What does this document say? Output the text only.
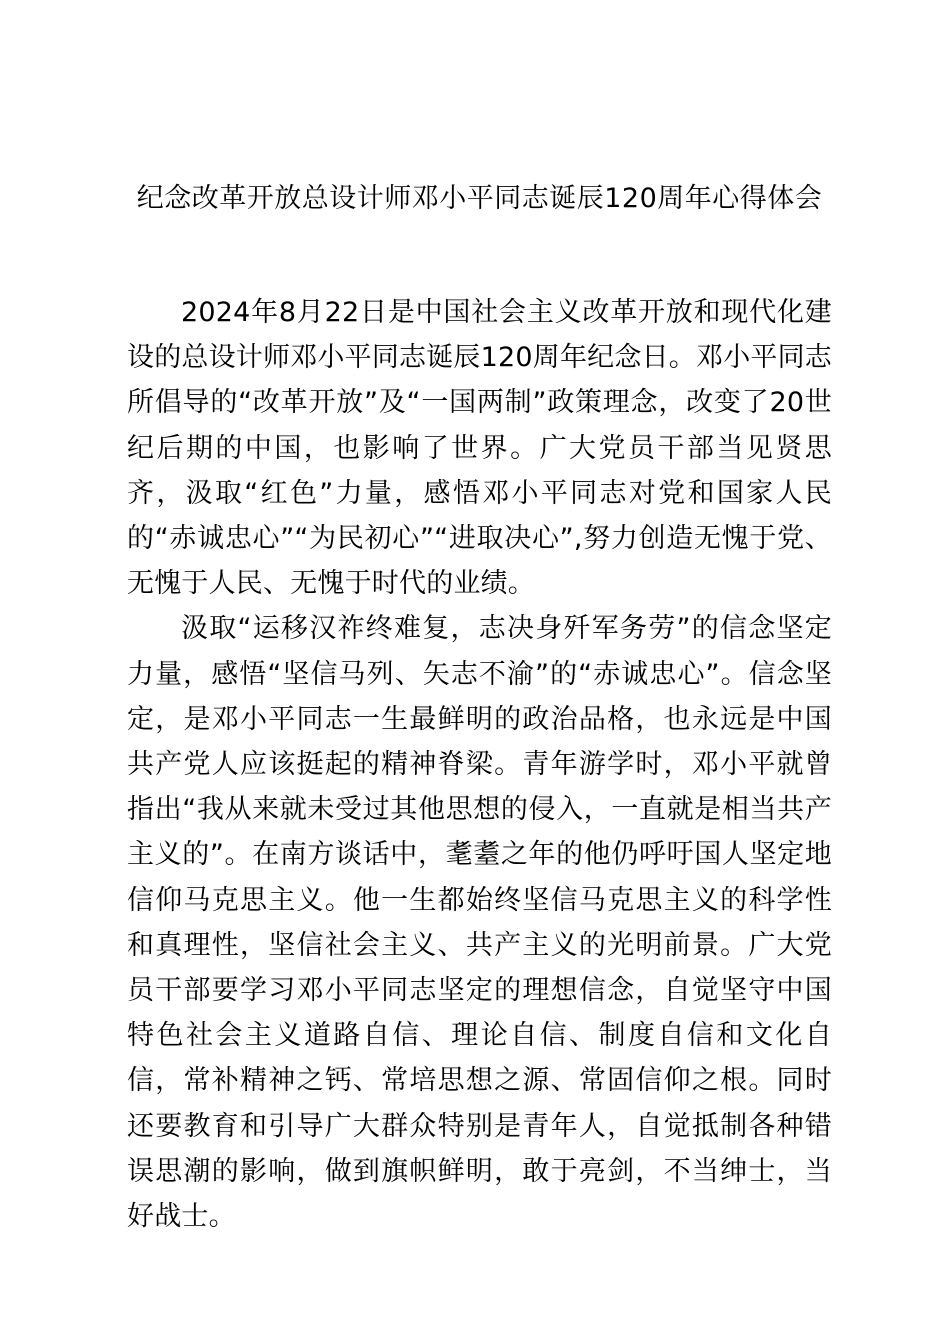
纪念改革开放总设计师邓小平同志诞辰120周年心得体会

2024年8月22日是中国社会主义改革开放和现代化建设的总设计师邓小平同志诞辰120周年纪念日。邓小平同志所倡导的“改革开放”及“一国两制”政策理念，改变了20世纪后期的中国，也影响了世界。广大党员干部当见贤思齐，汲取“红色”力量，感悟邓小平同志对党和国家人民的“赤诚忠心”“为民初心”“进取决心”,努力创造无愧于党、无愧于人民、无愧于时代的业绩。

汲取“运移汉祚终难复，志决身歼军务劳”的信念坚定力量，感悟“坚信马列、矢志不渝”的“赤诚忠心”。信念坚定，是邓小平同志一生最鲜明的政治品格，也永远是中国共产党人应该挺起的精神脊梁。青年游学时，邓小平就曾指出“我从来就未受过其他思想的侵入，一直就是相当共产主义的”。在南方谈话中，耄耋之年的他仍呼吁国人坚定地信仰马克思主义。他一生都始终坚信马克思主义的科学性和真理性，坚信社会主义、共产主义的光明前景。广大党员干部要学习邓小平同志坚定的理想信念，自觉坚守中国特色社会主义道路自信、理论自信、制度自信和文化自信，常补精神之钙、常培思想之源、常固信仰之根。同时还要教育和引导广大群众特别是青年人，自觉抵制各种错误思潮的影响，做到旗帜鲜明，敢于亮剑，不当绅士，当好战士。
